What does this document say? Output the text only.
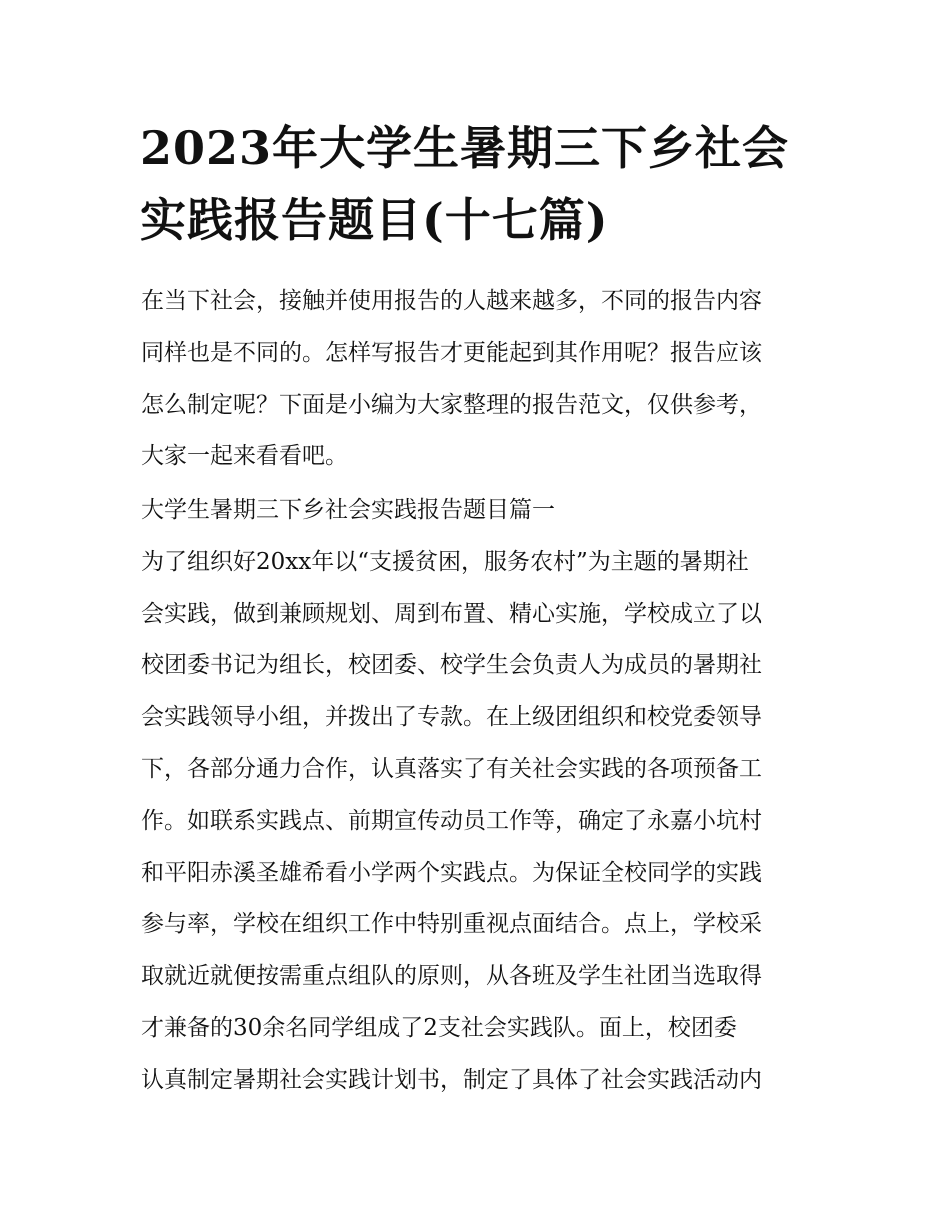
2023年大学生暑期三下乡社会
实践报告题目(十七篇)
在当下社会，接触并使用报告的人越来越多，不同的报告内容
同样也是不同的。怎样写报告才更能起到其作用呢？报告应该
怎么制定呢？下面是小编为大家整理的报告范文，仅供参考，
大家一起来看看吧。
大学生暑期三下乡社会实践报告题目篇一
为了组织好20xx年以“支援贫困，服务农村”为主题的暑期社
会实践，做到兼顾规划、周到布置、精心实施，学校成立了以
校团委书记为组长，校团委、校学生会负责人为成员的暑期社
会实践领导小组，并拨出了专款。在上级团组织和校党委领导
下，各部分通力合作，认真落实了有关社会实践的各项预备工
作。如联系实践点、前期宣传动员工作等，确定了永嘉小坑村
和平阳赤溪圣雄希看小学两个实践点。为保证全校同学的实践
参与率，学校在组织工作中特别重视点面结合。点上，学校采
取就近就便按需重点组队的原则，从各班及学生社团当选取得
才兼备的30余名同学组成了2支社会实践队。面上，校团委
认真制定暑期社会实践计划书，制定了具体了社会实践活动内
